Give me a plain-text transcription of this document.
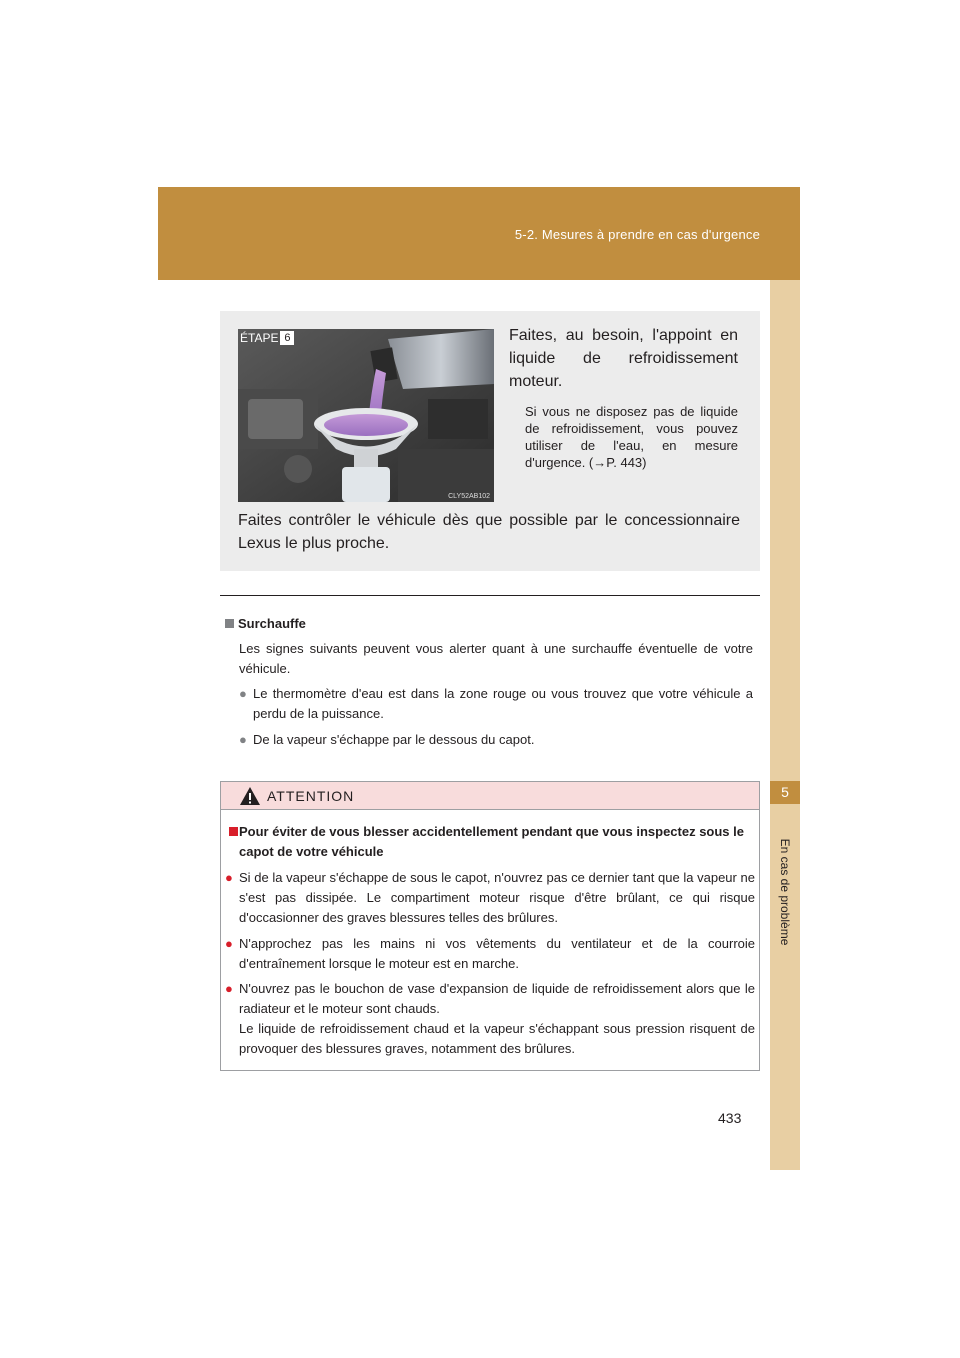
5-2. Mesures à prendre en cas d'urgence
5
En cas de problème
ÉTAPE 6
CLY52AB102
Faites, au besoin, l'appoint en liquide de refroidissement moteur.
Si vous ne disposez pas de liquide de refroidissement, vous pouvez utiliser de l'eau, en mesure d'urgence. (→P. 443)
Faites contrôler le véhicule dès que possible par le concessionnaire Lexus le plus proche.
Surchauffe
Les signes suivants peuvent vous alerter quant à une surchauffe éventuelle de votre véhicule.
● Le thermomètre d'eau est dans la zone rouge ou vous trouvez que votre véhicule a perdu de la puissance.
● De la vapeur s'échappe par le dessous du capot.
ATTENTION
Pour éviter de vous blesser accidentellement pendant que vous inspectez sous le capot de votre véhicule
● Si de la vapeur s'échappe de sous le capot, n'ouvrez pas ce dernier tant que la vapeur ne s'est pas dissipée. Le compartiment moteur risque d'être brûlant, ce qui risque d'occasionner des graves blessures telles des brûlures.
● N'approchez pas les mains ni vos vêtements du ventilateur et de la courroie d'entraînement lorsque le moteur est en marche.
● N'ouvrez pas le bouchon de vase d'expansion de liquide de refroidissement alors que le radiateur et le moteur sont chauds.
Le liquide de refroidissement chaud et la vapeur s'échappant sous pression risquent de provoquer des blessures graves, notamment des brûlures.
433
